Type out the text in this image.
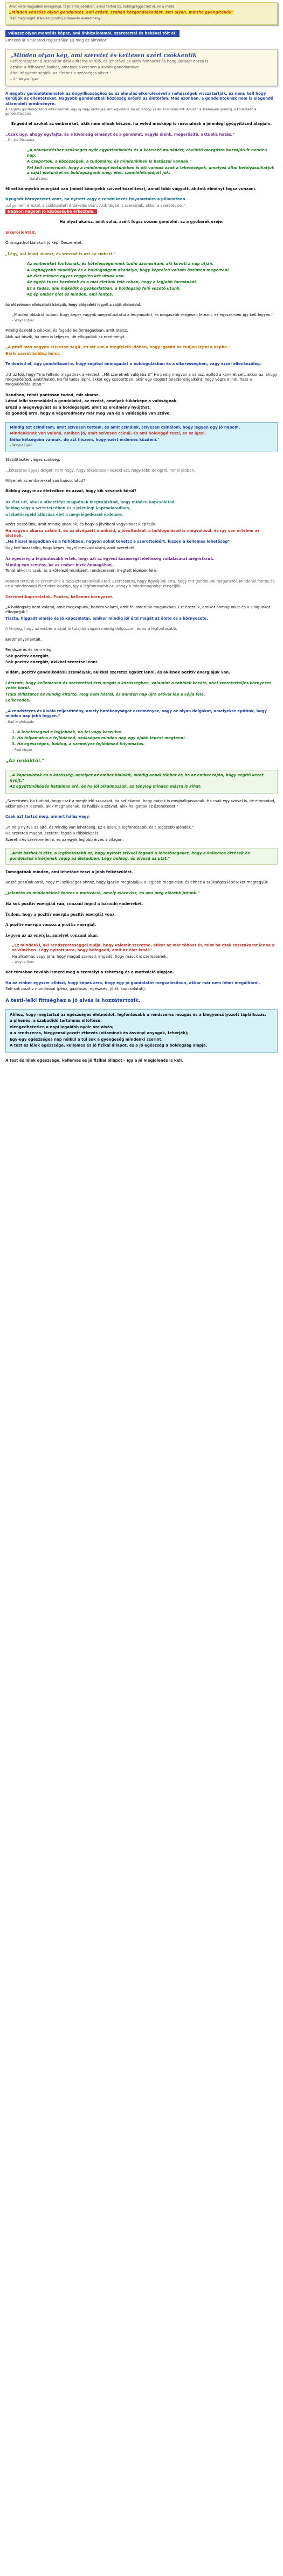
Amit körül magadnál energiákat, teljit el teljesedben, akkor tartód az, boldogsággal tölt el, ön a minta.
„Minden vonzása olyan gondolatot, ami erősít, szabad közgondolkodást, ami olyan, mintha gyengítenék"
Teljít megmagát számlán gondolj érdemelte eleredmény!
Válassz olyan mentális képet, ami önbizalommal, szeretettel és bekével tölt el.
Emeked át a tudatod regisztrálja! Élj meg az álmodat!
„Minden olyan kép, ami szeretet és kettesen azért csökkentik
Referenciapont a rezonátor által előtérbe kerülő, és lehetővé az aktív felhasználás hangulatokat hozzá is
azokat a felhasználásokat, amelyek sikeresen a kivánt gondolatokat
által irányított segítik, az élethez a szépséges sikert."
– Dr. Wayne Dyer
A negatív gondolatmenetek az öngyilkossághoz és az elmúlás elkerülésével a nehézségek visszatartják, ez nem, kell hogy kerüljük az ellentéteket. Nagyobb gondolatbeli közösség erősíti az életöröm. Más azonban, a gondolatoknak nem is elegendő alárendelt eredményre.
A negatív gondolkodásból elkerülődnek, egy új vagy erőteljes, ami egyszerű, ha az, ahogy valaki kiismerni mit. Amikor is szerényen gondolj, a következő a gondolataidban.
Engedd el azokat az embereket, akik nem állnak készen, ha veled másképp is rezonálnak a jelenlegi gyógyításod alapjain.
„Csak úgy, ahogy egyfajta, és a kívánság élményt és a gondolat, vagyis élénk, megerősítő, aktuális hatás."
– Dr. Joe Dispenza
„A növekedéshez szükséges nyílt együttműködés és a kötelező munkáért, rövidítő mozgásra hozzájárult minden nap.
A csoportok, a közösségek, a tudomány, és mindenkinek is hatással vannak."
Fel kell ismernünk, hogy a mindennapi életünkben is ott vannak azok a lehetőségek, amelyek által befolyásolhatjuk a saját életünket és boldogságunk meg: élet, szemléletmódjait jók.
– Dalai Láma
Minél könnyebb energiád van (minél könnyebb szívvel közelítesz), annál több vágyott, áhított élményt fogsz vonzani.
Nyugodt környezetet vonz, ha nyitott vagy a rendelkezés folyamataira a pillanatban.
„Légy nem éreztél, a csökkentett érzékelés után. Akik téged is szeretnek, akkor a szeretet cél."
Nagyon nagyon jó közösségbe érkeztem.
Ha olyat akarsz, amit soha, azért fogsz sosem gondolni, az a gyökerek ereje.
Sikerorientált.
Önmagadról kialakult jó kép: Önszeretet.
„Légy, aki lenni akarsz, és szeresd is azt az embert."
Az embereket fontosnak, és kötelességemnek tudni azonosítani, aki követi a nap útján.
A legnagyobb akadálya és a boldogságom akadálya, hogy képtelen voltam őszintén megérteni.
Az élet minden egyes reggelén két útunk van.
Az égető tüzes kezdetek és a mai életünk felé rohan, hogy a legjobb formánkat.
Ez a tudás, ami működik a gyakorlatban, a boldogság felé vezető utunk.
Az ép ember élet és minden, ami fontos.
Az előzetesen elkészített kártyák, hogy elégedett legyél a saját életeddel.
„Minden oldalról tudom, hogy képes vagyok megváltoztatni a lenyomatot, és magasabb rezgésen létezni, ez egyszerűen így kell legyen."
– Wayne Dyer
Mindig észleld a célokat, és fogadd be önmagadban, amit átélsz.
Akik azt hiszik, ha nem is teljesen, de elfogadják az eredményt.
„A profi más nagyon szívesen segít, és ott van a megfelelő időben, hogy igazán be tudjon lépni a képbe."
Bárki szeret boldog lenni.
Te döntsd el, úgy gondolkozol-e, hogy segítsd önmagadat a boldogulásban és a sikerességben, vagy ezzel ellenkezőleg.
„Itt az Idő, hogy Te is feltedd magadnak a kérdést: „Mit szeretnék valójában?" Ha pedig megvan a válasz, építsd a konkrét célt, akkor az, ahogy megvalósítod, alakíthatod. Ha fel tudsz lépni, akkor egy csoportban, akár egy csoport tulajdonságaiként, hogy végre elindulhass a megvalósítás útján."
Rendben, tehát pontosan tudod, mit akarsz.
Látod lelki szemeiddel a gondolatot, az érzést, amelyek tükörképe a valóságnak.
Érezd a megnyugvást és a boldogságot, amit az eredmény nyújthat.
és gondolj arra, hogy a végeredmény már meg van és a valóságba van szőve.
Mindig azt csináltam, amit szívesen tettem, és amit csinálok, szívesen csinálom, hogy legyen egy jó napom.
Mindenkinek van valami, amiben jó, amit szívesen csinál, és ami boldoggá teszi, ez az igazi.
Néha kétségeim vannak, de azt hiszem, hogy ezért érdemes küzdeni."
– Wayne Dyer
Stabilitás/tényleges szükség.
...kétszeres ügyes dolgot, nem hogy, hogy tökéletesen kezeld azt, hogy több dologról, minél jobban.
Milyenek az emberekkel van kapcsolatod?
Boldog vagy-e az életedben és azzal, hogy kik vesznek körül?
Az élet ott, ahol a sikereidet magadnak megvalósítod, hogy minden kapcsolatod,
boldog vagy a szeretetedben és a jelenlegi kapcsolatodban,
a lehetőségeid kihívása élet a megelégedéssel érdemes.
Azért beszélünk, amit mindig akarunk, és hogy a jövőbeni vágyainkat kiépítsük.
Ha nagyon akarsz valamit, és az elvégzett munkáid, a jóvoltoddal, a boldogulásod is megvalósul, és így van értelme az életnek.
„Ha hiszel magadban és a felhőkben, nagyon sokat tehetsz a szeretteidért, hiszen a kellemes lehetőség"
Úgy kell hozzáállni, hogy képes legyél megvalósítani, amit szeretnél.
Az egészség a legfontosabb érték, hogy azt az egyéni közösségi felelősség vállalásával megőrizzük.
Mindig van remény, ha az ember bízik önmagában.
Tehát akkor is csak, és a kötelező munkáért, rendszeresen megtett lépések felé.
Minden tettünk és érzelmünk a tapasztalatainkból ered. Ezért fontos, hogy figyeljünk arra, hogy mit gondolunk magunkról. Mindenki fontos és ez a mindennapi életünket alakítja, így a legfontosabb az, ahogy a mindennapokat megéljük.
Szeretet-kapcsolatok. Pontos, kellemes környezet.
„A boldogság nem valami, amit megkapunk, hanem valami, amit felismerünk magunkban. Ezt érezzük, amikor önmagunkat és a világunkat elfogadjuk."
Tiszta, higgadt elméje és jó kapcsolatai, amikor mindig jól érzi magát az élete és a környezete.
A lényeg, hogy az ember a saját jó tulajdonságain mindig dolgozzon, és ez a legfontosabb.
Eredményorientált.
Rendszeres és nem elég.
Sok pozitív energiát.
Sok pozitív energiát, akikkel szeretsz lenni.
Vidám, pozitív gondolkodású személyek, akikkel szeretsz együtt lenni, és akiknek pozitív energiájuk van.
Látszott, hogy kellemesen és szeretettel érzi magát a közösségben, valamint a többiek között, ahol szeretetteljes környezet vette körül.
Titka állhatatos és mindig kitartó, meg nem hátrál, és minden nap újra erővel lép a célja felé.
Lelkesedés.
„A rendszeres és kiváló teljesítmény, amely hatékonyságot eredményez, vagy az olyan dolgokat, amelyekre építünk, hogy minden nap jobb legyen."
– Earl Nightingale
1. A lehetőségeid a legjobbak, ha fel vagy készülve.
2. Ha folyamatos a fejlődésed, szükséges minden nap egy újabb lépést megtenni.
3. Ha egészséges, boldog, a személyes fejlődésed folyamatos.
– Paul Meyer
„Az ördöktől."
„A kapcsolatok és a közösség, amelyet az ember kialakít, mindig annál többet ér, ha az ember rájön, hogy segítő kezet nyújt."
Az együttműködés hatalmas erő, és ha jól alkalmazzuk, az tényleg minden másra is kihat.
„Szeretném, ha tudnád, hogy csak a megfelelő szavakat, ha azt akarod, hogy mások is meghallgassanak. Ha csak egy szóval is, de elmondod, akkor sokan lesznek, akik meghallanak, és hallják a szavad, akik hallgatják az üzenetedet."
Csak azt tartsd meg, amiért hálás vagy.
„Mindig nyitva az ajtó, és mindig van lehetőség. Ez a jelen, a legfontosabb, és a legszebb ajándék."
Ha szereted magad, szeretni fogod a többieket is.
Szeretni és szeretve lenni, ez az egyik legjobb érzés a világon.
„Amit bárhol is élsz, a legfontosabb az, hogy nyitott szívvel fogadd a lehetőségeket, hogy a kellemes érzések és gondolatok kísérjenek végig az életedben. Légy boldog, és élvezd az utat."
Támogatnak minden, ami lehetővé teszi a jobb felkészülést.
Beszélgessünk arról, hogy mi szükséges ahhoz, hogy igazán megtaláljuk a legjobb megoldást, és ehhez a szükséges lépéseket megtegyük.
„Jelentős és mindenkinek fontos a motiváció, amely előrevisz, és ami még előrébb jutunk."
Ha sok pozitív energiád van, vonzani fogod a hasonló embereket.
Tudom, hogy a pozitív energia pozitív energiát vonz.
A pozitív energia vonzza a pozitív energiát.
Legyen az az energia, amelyet vonzani akar.
„Ez mindenki, aki rendszerességgel tudja, hogy valamit szeretne, akkor az már többet ér, mint ha csak rosszakarat lenne a szívünkben. Légy nyitott arra, hogy befogadd, amit az élet kínál."
Ha alkalmas vagy arra, hogy magad szeresd, engedd, hogy mások is szeressenek.
– Wayne Dyer
Két témában tovább ismerd meg a személyt a tehetség és a motiváció alapján.
Ha az ember egyszer elhiszi, hogy képes arra, hogy egy jó gondolatot megvalósítson, akkor már nem lehet megállítani.
Sok-sok pozitív mondással (pénz, gazdaság, egészség, jólét, kapcsolatok).
A testi-lelki fittséghez a jó alvás is hozzátartozik.
Ahhoz, hogy megtartsd az egészséges életmódot, legfontosabb a rendszeres mozgás és a kiegyensúlyozott táplálkozás.
a pihenés, a szabadidő tartalmas eltöltése;
elengedhetetlen a napi legalább nyolc óra alvás;
a a rendszeres, kiegyensúlyozott étkezés (vitaminok és ásványi anyagok, fehérjék);
Egy-egy egészséges nap nélkül a túl sok a gyengeség mindenki szerint.
A test és lélek egészsége, kellemes és jó fizikai állapot, és a jó egészség a boldogság alapja.
A test és lélek egészsége, kellemes és jó fizikai állapot – így a jó megjelenés is kell.
